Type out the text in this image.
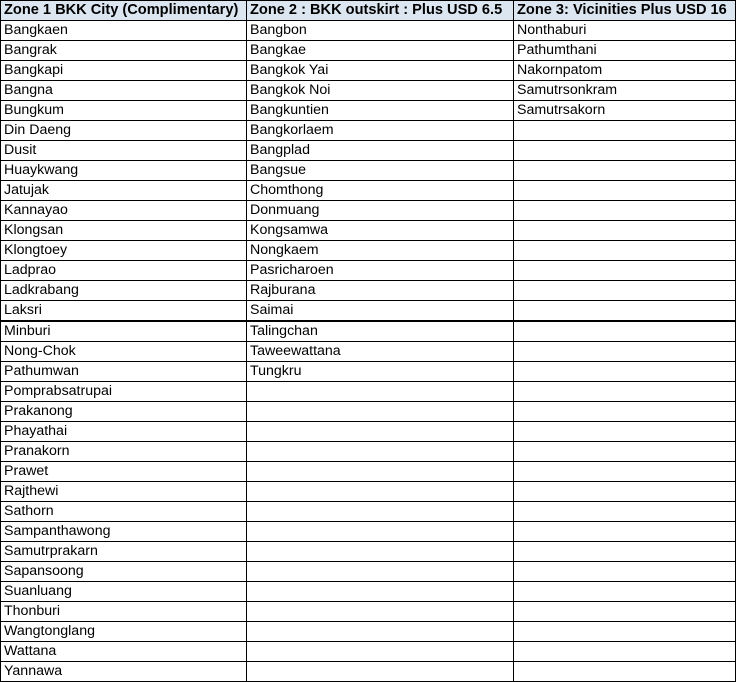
Zone 1 BKK City (Complimentary)	Zone 2 : BKK outskirt : Plus USD 6.5	Zone 3: Vicinities Plus USD 16
Bangkaen	Bangbon	Nonthaburi
Bangrak	Bangkae	Pathumthani
Bangkapi	Bangkok Yai	Nakornpatom
Bangna	Bangkok Noi	Samutrsonkram
Bungkum	Bangkuntien	Samutrsakorn
Din Daeng	Bangkorlaem	
Dusit	Bangplad	
Huaykwang	Bangsue	
Jatujak	Chomthong	
Kannayao	Donmuang	
Klongsan	Kongsamwa	
Klongtoey	Nongkaem	
Ladprao	Pasricharoen	
Ladkrabang	Rajburana	
Laksri	Saimai	
Minburi	Talingchan	
Nong-Chok	Taweewattana	
Pathumwan	Tungkru	
Pomprabsatrupai		
Prakanong		
Phayathai		
Pranakorn		
Prawet		
Rajthewi		
Sathorn		
Sampanthawong		
Samutrprakarn		
Sapansoong		
Suanluang		
Thonburi		
Wangtonglang		
Wattana		
Yannawa		
